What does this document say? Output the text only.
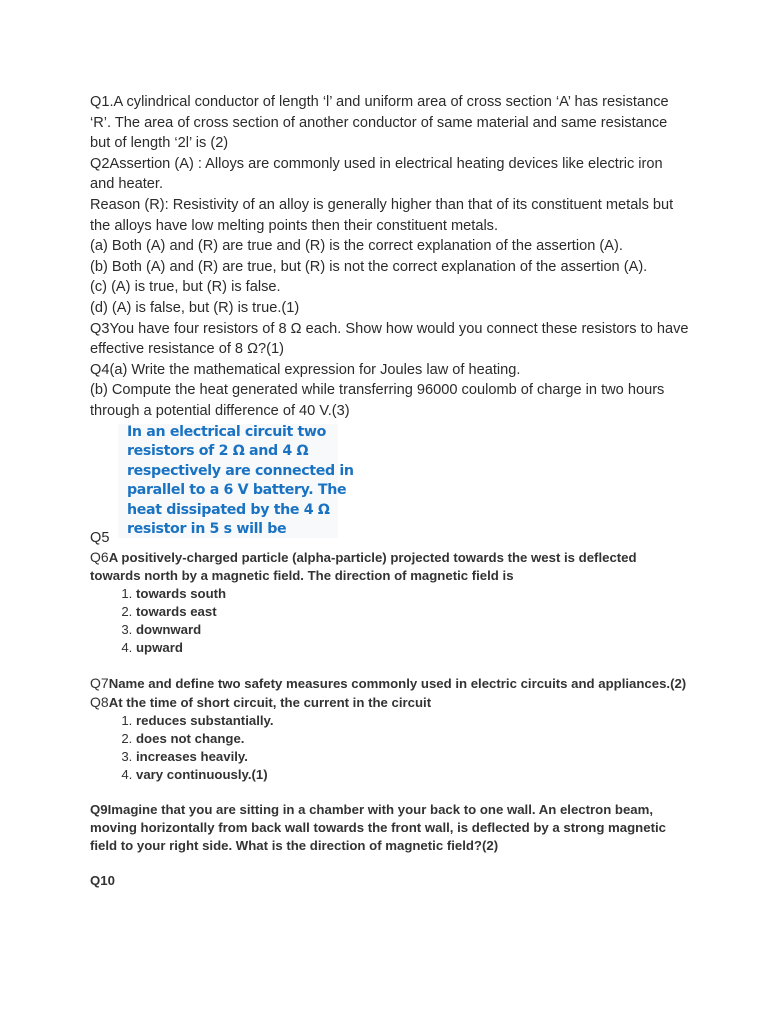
Q1.A cylindrical conductor of length ‘l’ and uniform area of cross section ‘A’ has resistance ‘R’. The area of cross section of another conductor of same material and same resistance but of length ‘2l’ is (2)

Q2Assertion (A) : Alloys are commonly used in electrical heating devices like electric iron and heater.

Reason (R): Resistivity of an alloy is generally higher than that of its constituent metals but the alloys have low melting points then their constituent metals.

(a) Both (A) and (R) are true and (R) is the correct explanation of the assertion (A).

(b) Both (A) and (R) are true, but (R) is not the correct explanation of the assertion (A).

(c) (A) is true, but (R) is false.

(d) (A) is false, but (R) is true.(1)

Q3You have four resistors of 8 Ω each. Show how would you connect these resistors to have effective resistance of 8 Ω?(1)

Q4(a) Write the mathematical expression for Joules law of heating.

(b) Compute the heat generated while transferring 96000 coulomb of charge in two hours through a potential difference of 40 V.(3)

In an electrical circuit two resistors of 2 Ω and 4 Ω respectively are connected in parallel to a 6 V battery. The heat dissipated by the 4 Ω resistor in 5 s will be

Q5

Q6A positively-charged particle (alpha-particle) projected towards the west is deflected towards north by a magnetic field. The direction of magnetic field is

1. towards south
2. towards east
3. downward
4. upward

Q7Name and define two safety measures commonly used in electric circuits and appliances.(2)

Q8At the time of short circuit, the current in the circuit

1. reduces substantially.
2. does not change.
3. increases heavily.
4. vary continuously.(1)

Q9Imagine that you are sitting in a chamber with your back to one wall. An electron beam, moving horizontally from back wall towards the front wall, is deflected by a strong magnetic field to your right side. What is the direction of magnetic field?(2)

Q10
